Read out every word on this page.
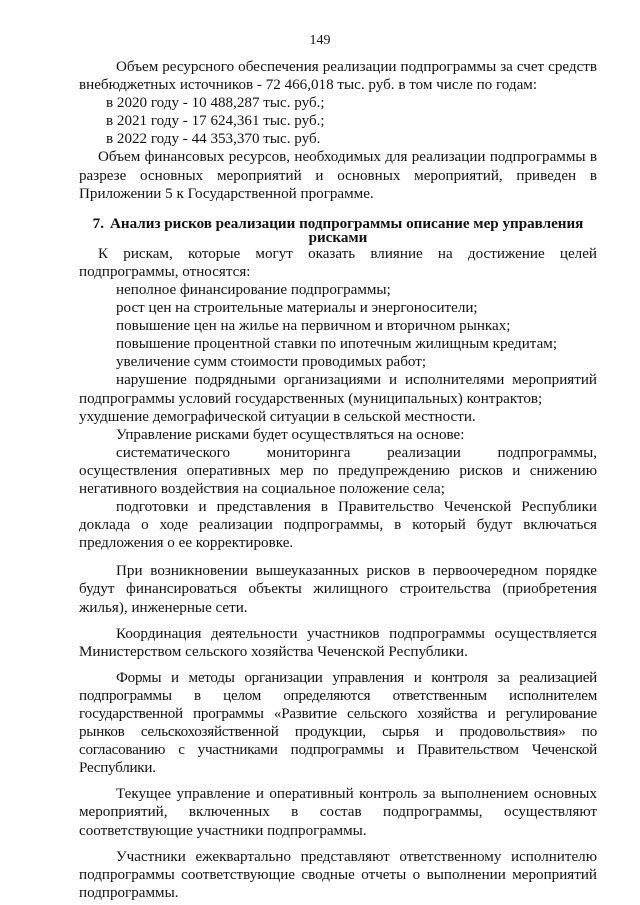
149

Объем ресурсного обеспечения реализации подпрограммы за счет средств внебюджетных источников - 72 466,018 тыс. руб. в том числе по годам:

в 2020 году - 10 488,287 тыс. руб.;

в 2021 году - 17 624,361 тыс. руб.;

в 2022 году - 44 353,370 тыс. руб.

Объем финансовых ресурсов, необходимых для реализации подпрограммы в разрезе основных мероприятий и основных мероприятий, приведен в Приложении 5 к Государственной программе.

7. Анализ рисков реализации подпрограммы описание мер управления рисками

К рискам, которые могут оказать влияние на достижение целей подпрограммы, относятся:

неполное финансирование подпрограммы;

рост цен на строительные материалы и энергоносители;

повышение цен на жилье на первичном и вторичном рынках;

повышение процентной ставки по ипотечным жилищным кредитам;

увеличение сумм стоимости проводимых работ;

нарушение подрядными организациями и исполнителями мероприятий подпрограммы условий государственных (муниципальных) контрактов;

ухудшение демографической ситуации в сельской местности.

Управление рисками будет осуществляться на основе:

систематического мониторинга реализации подпрограммы, осуществления оперативных мер по предупреждению рисков и снижению негативного воздействия на социальное положение села;

подготовки и представления в Правительство Чеченской Республики доклада о ходе реализации подпрограммы, в который будут включаться предложения о ее корректировке.

При возникновении вышеуказанных рисков в первоочередном порядке будут финансироваться объекты жилищного строительства (приобретения жилья), инженерные сети.

Координация деятельности участников подпрограммы осуществляется Министерством сельского хозяйства Чеченской Республики.

Формы и методы организации управления и контроля за реализацией подпрограммы в целом определяются ответственным исполнителем государственной программы «Развитие сельского хозяйства и регулирование рынков сельскохозяйственной продукции, сырья и продовольствия» по согласованию с участниками подпрограммы и Правительством Чеченской Республики.

Текущее управление и оперативный контроль за выполнением основных мероприятий, включенных в состав подпрограммы, осуществляют соответствующие участники подпрограммы.

Участники ежеквартально представляют ответственному исполнителю подпрограммы соответствующие сводные отчеты о выполнении мероприятий подпрограммы.
